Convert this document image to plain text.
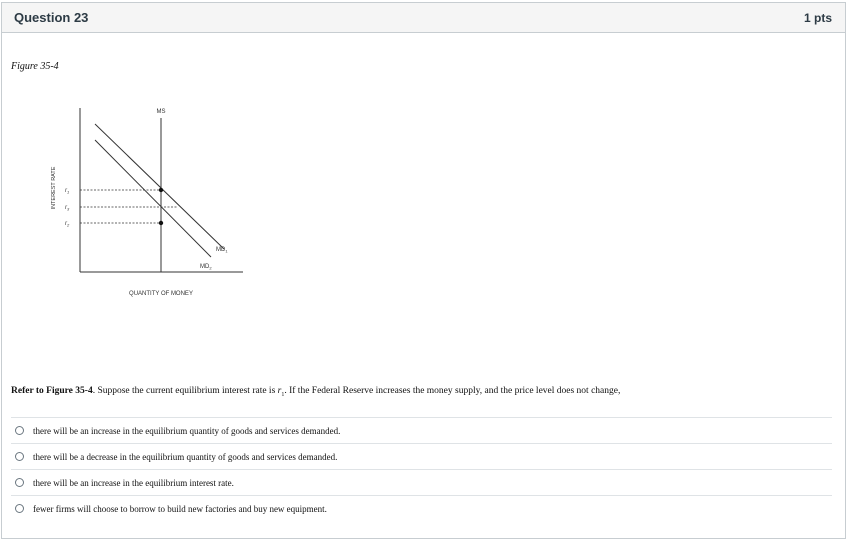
Question 23	1 pts
Figure 35-4
MS
$r_1$
$r_3$
$r_2$
INTEREST RATE
QUANTITY OF MONEY
$MD_1$
$MD_2$
Refer to Figure 35-4. Suppose the current equilibrium interest rate is $r_1$. If the Federal Reserve increases the money supply, and the price level does not change,
there will be an increase in the equilibrium quantity of goods and services demanded.
there will be a decrease in the equilibrium quantity of goods and services demanded.
there will be an increase in the equilibrium interest rate.
fewer firms will choose to borrow to build new factories and buy new equipment.
